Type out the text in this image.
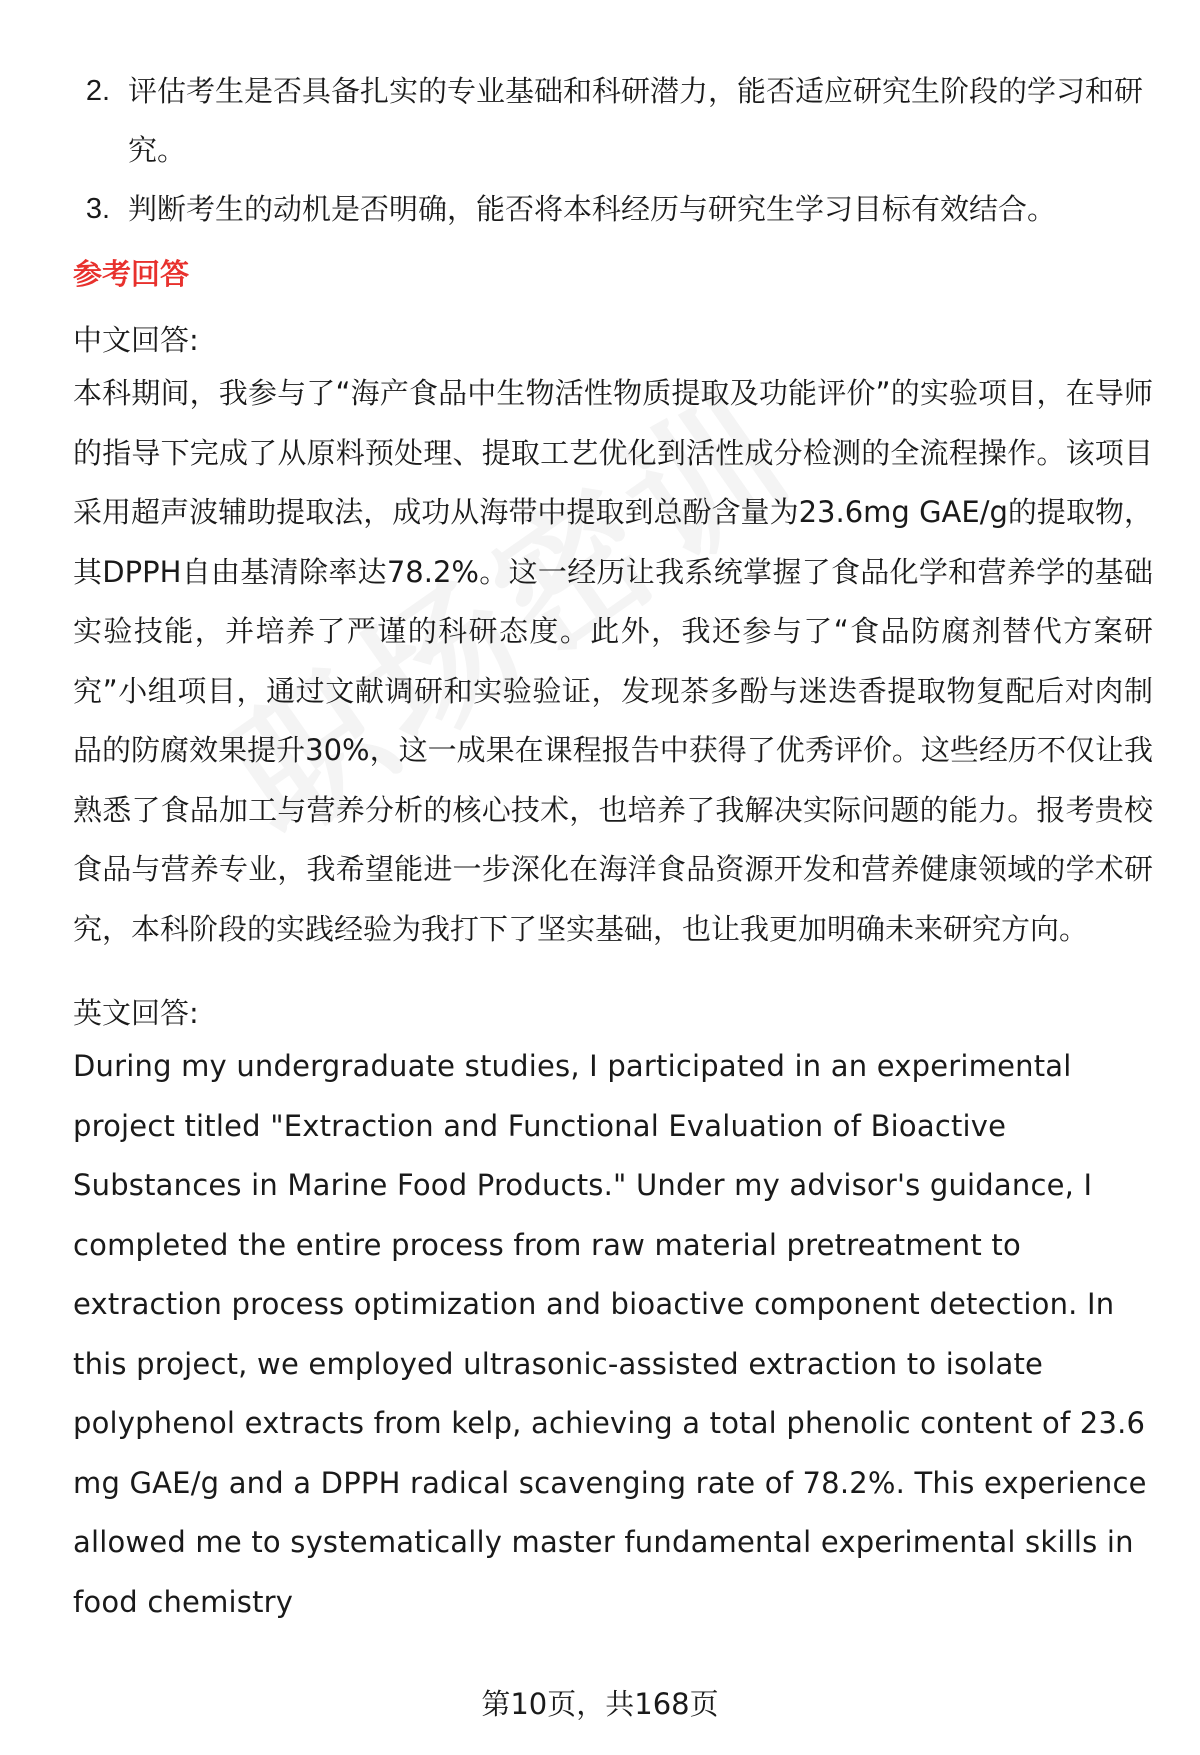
2. 评估考生是否具备扎实的专业基础和科研潜力，能否适应研究生阶段的学习和研究。
3. 判断考生的动机是否明确，能否将本科经历与研究生学习目标有效结合。
参考回答
中文回答:

本科期间，我参与了“海产食品中生物活性物质提取及功能评价”的实验项目，在导师的指导下完成了从原料预处理、提取工艺优化到活性成分检测的全流程操作。该项目采用超声波辅助提取法，成功从海带中提取到总酚含量为23.6mg GAE/g的提取物，其DPPH自由基清除率达78.2%。这一经历让我系统掌握了食品化学和营养学的基础实验技能，并培养了严谨的科研态度。此外，我还参与了“食品防腐剂替代方案研究”小组项目，通过文献调研和实验验证，发现茶多酚与迷迭香提取物复配后对肉制品的防腐效果提升30%，这一成果在课程报告中获得了优秀评价。这些经历不仅让我熟悉了食品加工与营养分析的核心技术，也培养了我解决实际问题的能力。报考贵校食品与营养专业，我希望能进一步深化在海洋食品资源开发和营养健康领域的学术研究，本科阶段的实践经验为我打下了坚实基础，也让我更加明确未来研究方向。

英文回答:

During my undergraduate studies, I participated in an experimental project titled "Extraction and Functional Evaluation of Bioactive Substances in Marine Food Products." Under my advisor's guidance, I completed the entire process from raw material pretreatment to extraction process optimization and bioactive component detection. In this project, we employed ultrasonic-assisted extraction to isolate polyphenol extracts from kelp, achieving a total phenolic content of 23.6 mg GAE/g and a DPPH radical scavenging rate of 78.2%. This experience allowed me to systematically master fundamental experimental skills in food chemistry

第10页，共168页
